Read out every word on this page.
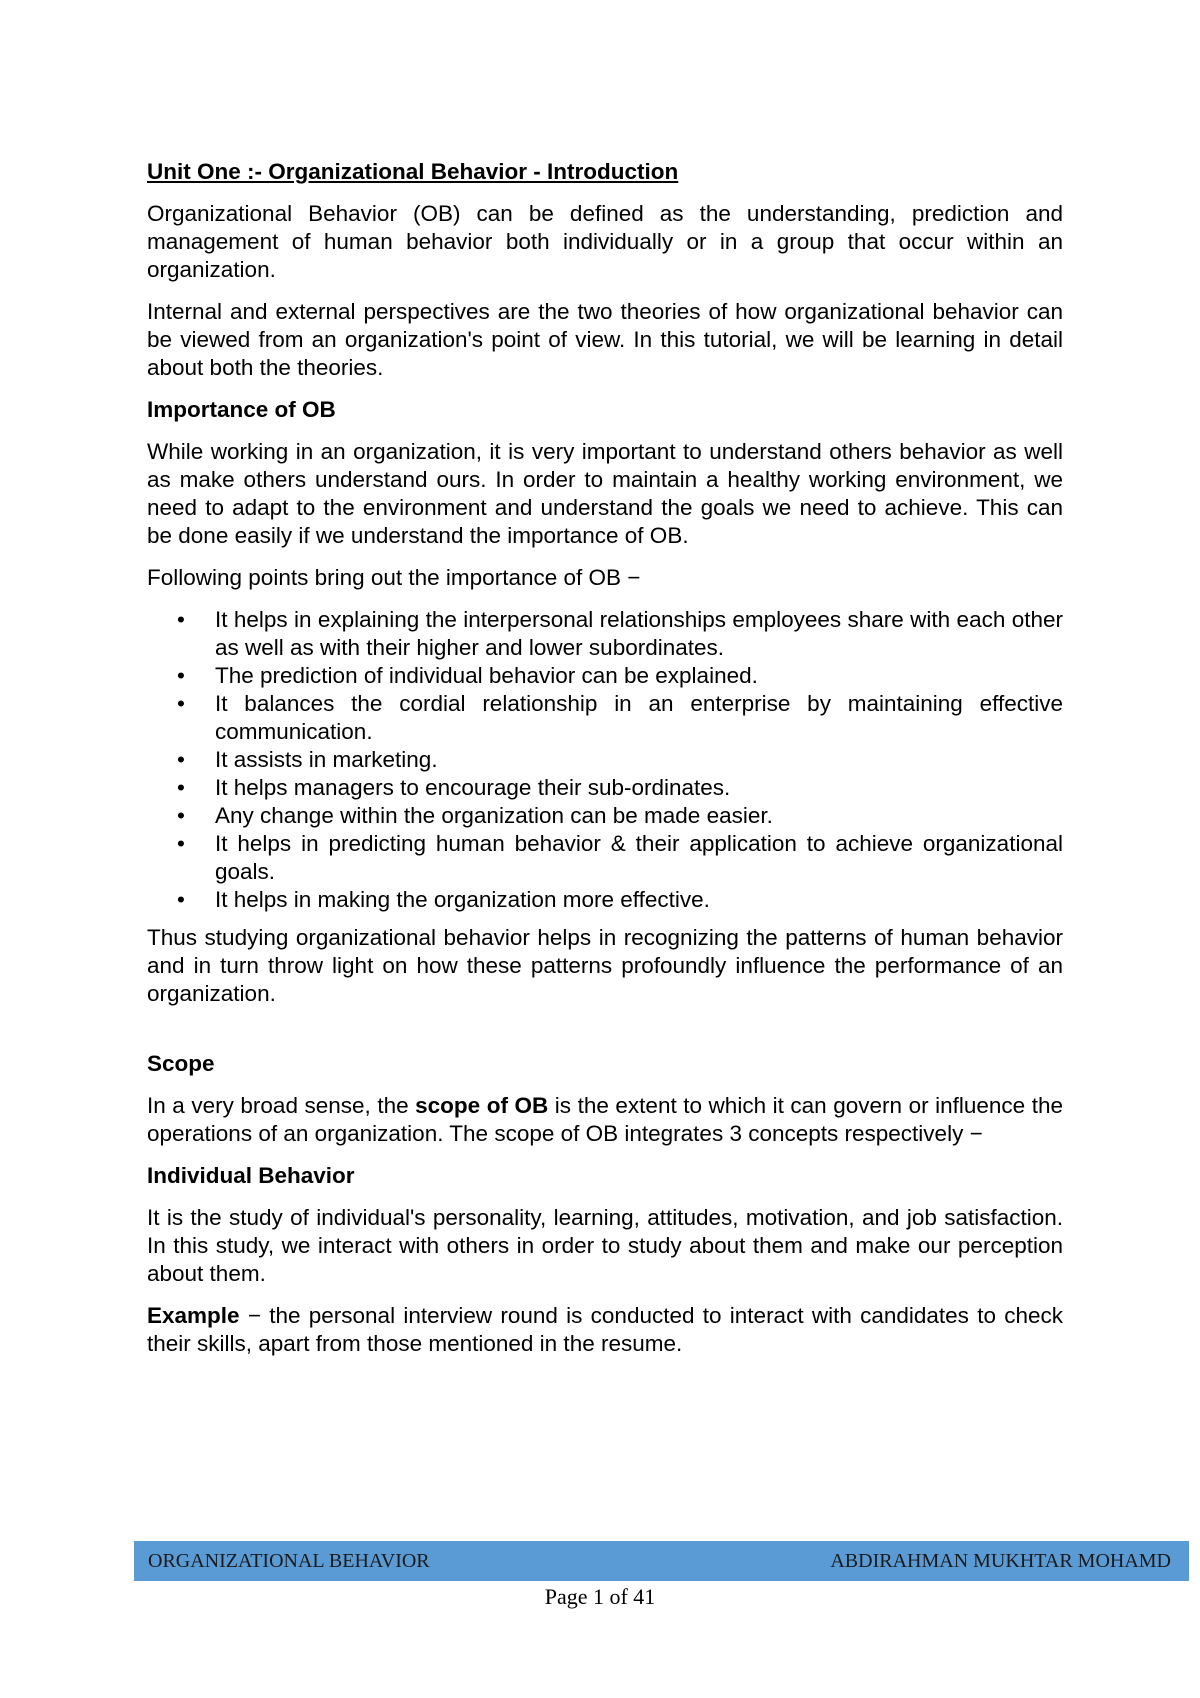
Unit One :- Organizational Behavior - Introduction

Organizational Behavior (OB) can be defined as the understanding, prediction and management of human behavior both individually or in a group that occur within an organization.

Internal and external perspectives are the two theories of how organizational behavior can be viewed from an organization's point of view. In this tutorial, we will be learning in detail about both the theories.

Importance of OB

While working in an organization, it is very important to understand others behavior as well as make others understand ours. In order to maintain a healthy working environment, we need to adapt to the environment and understand the goals we need to achieve. This can be done easily if we understand the importance of OB.

Following points bring out the importance of OB −

• It helps in explaining the interpersonal relationships employees share with each other as well as with their higher and lower subordinates.
• The prediction of individual behavior can be explained.
• It balances the cordial relationship in an enterprise by maintaining effective communication.
• It assists in marketing.
• It helps managers to encourage their sub-ordinates.
• Any change within the organization can be made easier.
• It helps in predicting human behavior & their application to achieve organizational goals.
• It helps in making the organization more effective.

Thus studying organizational behavior helps in recognizing the patterns of human behavior and in turn throw light on how these patterns profoundly influence the performance of an organization.

Scope

In a very broad sense, the scope of OB is the extent to which it can govern or influence the operations of an organization. The scope of OB integrates 3 concepts respectively −

Individual Behavior

It is the study of individual's personality, learning, attitudes, motivation, and job satisfaction. In this study, we interact with others in order to study about them and make our perception about them.

Example − the personal interview round is conducted to interact with candidates to check their skills, apart from those mentioned in the resume.

ORGANIZATIONAL BEHAVIOR	ABDIRAHMAN MUKHTAR MOHAMD
Page 1 of 41
